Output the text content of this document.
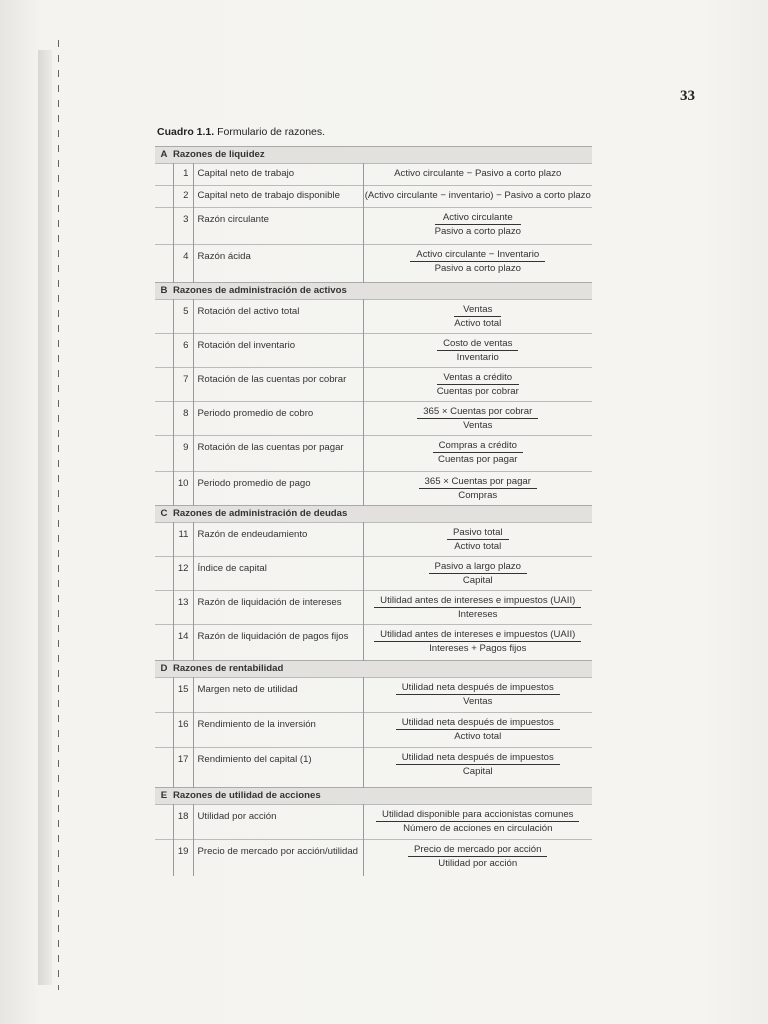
33
Cuadro 1.1. Formulario de razones.
A	Razones de liquidez		

	1	Capital neto de trabajo	Activo circulante − Pasivo a corto plazo

	2	Capital neto de trabajo disponible	(Activo circulante − inventario) − Pasivo a corto plazo

	3	Razón circulante	$\frac{\text{Activo circulante}}{\text{Pasivo a corto plazo}}$

	4	Razón ácida	$\frac{\text{Activo circulante − Inventario}}{\text{Pasivo a corto plazo}}$

B	Razones de administración de activos		

	5	Rotación del activo total	$\frac{\text{Ventas}}{\text{Activo total}}$

	6	Rotación del inventario	$\frac{\text{Costo de ventas}}{\text{Inventario}}$

	7	Rotación de las cuentas por cobrar	$\frac{\text{Ventas a crédito}}{\text{Cuentas por cobrar}}$

	8	Periodo promedio de cobro	$\frac{\text{365 × Cuentas por cobrar}}{\text{Ventas}}$

	9	Rotación de las cuentas por pagar	$\frac{\text{Compras a crédito}}{\text{Cuentas por pagar}}$

	10	Periodo promedio de pago	$\frac{\text{365 × Cuentas por pagar}}{\text{Compras}}$

C	Razones de administración de deudas		

	11	Razón de endeudamiento	$\frac{\text{Pasivo total}}{\text{Activo total}}$

	12	Índice de capital	$\frac{\text{Pasivo a largo plazo}}{\text{Capital}}$

	13	Razón de liquidación de intereses	$\frac{\text{Utilidad antes de intereses e impuestos (UAII)}}{\text{Intereses}}$

	14	Razón de liquidación de pagos fijos	$\frac{\text{Utilidad antes de intereses e impuestos (UAII)}}{\text{Intereses + Pagos fijos}}$

D	Razones de rentabilidad		

	15	Margen neto de utilidad	$\frac{\text{Utilidad neta después de impuestos}}{\text{Ventas}}$

	16	Rendimiento de la inversión	$\frac{\text{Utilidad neta después de impuestos}}{\text{Activo total}}$

	17	Rendimiento del capital (1)	$\frac{\text{Utilidad neta después de impuestos}}{\text{Capital}}$

E	Razones de utilidad de acciones		

	18	Utilidad por acción	$\frac{\text{Utilidad disponible para accionistas comunes}}{\text{Número de acciones en circulación}}$

	19	Precio de mercado por acción/utilidad	$\frac{\text{Precio de mercado por acción}}{\text{Utilidad por acción}}$
